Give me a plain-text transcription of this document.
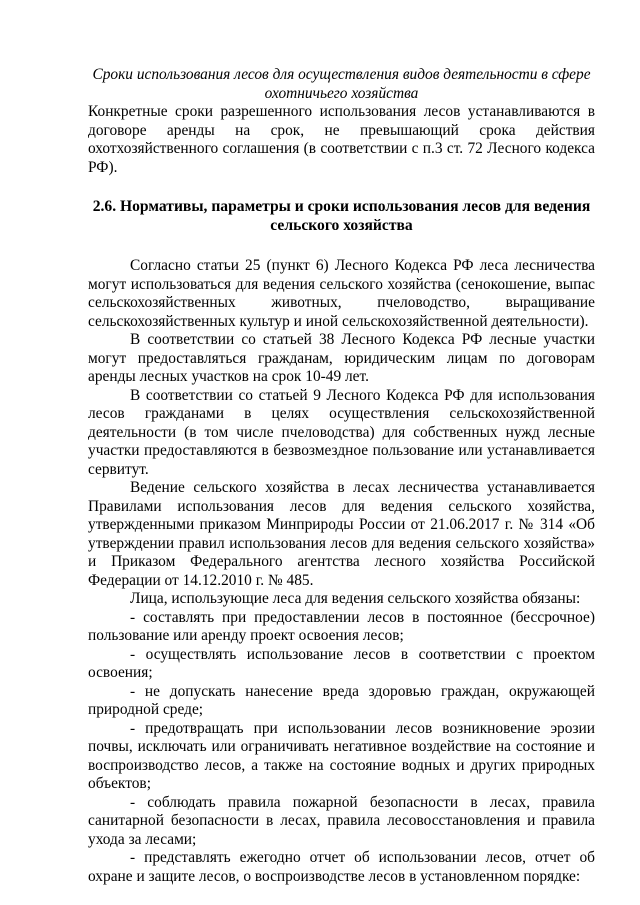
Сроки использования лесов для осуществления видов деятельности в сфере охотничьего хозяйства

Конкретные сроки разрешенного использования лесов устанавливаются в договоре аренды на срок, не превышающий срока действия охотхозяйственного соглашения (в соответствии с п.3 ст. 72 Лесного кодекса РФ).

2.6. Нормативы, параметры и сроки использования лесов для ведения сельского хозяйства

Согласно статьи 25 (пункт 6) Лесного Кодекса РФ леса лесничества могут использоваться для ведения сельского хозяйства (сенокошение, выпас сельскохозяйственных животных, пчеловодство, выращивание сельскохозяйственных культур и иной сельскохозяйственной деятельности).

В соответствии со статьей 38 Лесного Кодекса РФ лесные участки могут предоставляться гражданам, юридическим лицам по договорам аренды лесных участков на срок 10-49 лет.

В соответствии со статьей 9 Лесного Кодекса РФ для использования лесов гражданами в целях осуществления сельскохозяйственной деятельности (в том числе пчеловодства) для собственных нужд лесные участки предоставляются в безвозмездное пользование или устанавливается сервитут.

Ведение сельского хозяйства в лесах лесничества устанавливается Правилами использования лесов для ведения сельского хозяйства, утвержденными приказом Минприроды России от 21.06.2017 г. № 314 «Об утверждении правил использования лесов для ведения сельского хозяйства» и Приказом Федерального агентства лесного хозяйства Российской Федерации от 14.12.2010 г. № 485.

Лица, использующие леса для ведения сельского хозяйства обязаны:

- составлять при предоставлении лесов в постоянное (бессрочное) пользование или аренду проект освоения лесов;

- осуществлять использование лесов в соответствии с проектом освоения;

- не допускать нанесение вреда здоровью граждан, окружающей природной среде;

- предотвращать при использовании лесов возникновение эрозии почвы, исключать или ограничивать негативное воздействие на состояние и воспроизводство лесов, а также на состояние водных и других природных объектов;

- соблюдать правила пожарной безопасности в лесах, правила санитарной безопасности в лесах, правила лесовосстановления и правила ухода за лесами;

- представлять ежегодно отчет об использовании лесов, отчет об охране и защите лесов, о воспроизводстве лесов в установленном порядке:
